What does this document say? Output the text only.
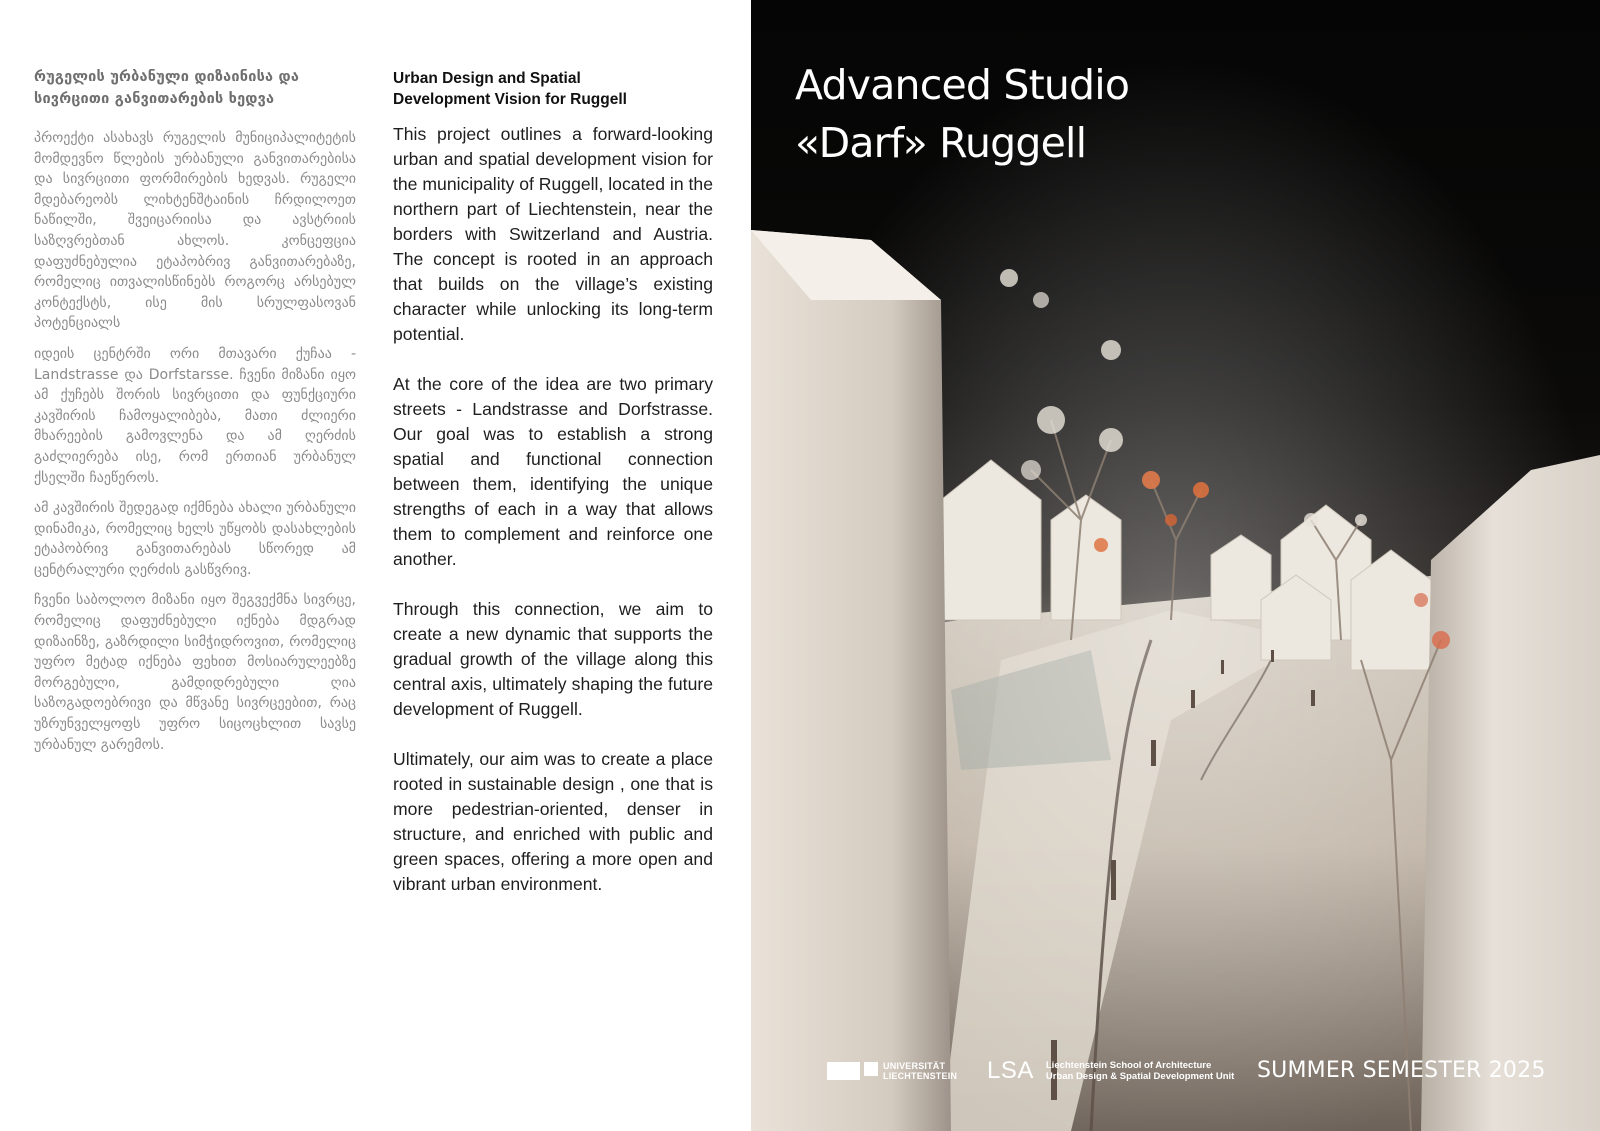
რუგელის ურბანული დიზაინისა და სივრცითი განვითარების ხედვა

პროექტი ასახავს რუგელის მუნიციპალიტეტის მომდევნო წლების ურბანული განვითარებისა და სივრცითი ფორმირების ხედვას. რუგელი მდებარეობს ლიხტენშტაინის ჩრდილოეთ ნაწილში, შვეიცარიისა და ავსტრიის საზღვრებთან ახლოს. კონცეფცია დაფუძნებულია ეტაპობრივ განვითარებაზე, რომელიც ითვალისწინებს როგორც არსებულ კონტექსტს, ისე მის სრულფასოვან პოტენციალს

იდეის ცენტრში ორი მთავარი ქუჩაა - Landstrasse და Dorfstarsse. ჩვენი მიზანი იყო ამ ქუჩებს შორის სივრცითი და ფუნქციური კავშირის ჩამოყალიბება, მათი ძლიერი მხარეების გამოვლენა და ამ ღერძის გაძლიერება ისე, რომ ერთიან ურბანულ ქსელში ჩაეწეროს.

ამ კავშირის შედეგად იქმნება ახალი ურბანული დინამიკა, რომელიც ხელს უწყობს დასახლების ეტაპობრივ განვითარებას სწორედ ამ ცენტრალური ღერძის გასწვრივ.

ჩვენი საბოლოო მიზანი იყო შეგვექმნა სივრცე, რომელიც დაფუძნებული იქნება მდგრად დიზაინზე, გაზრდილი სიმჭიდროვით, რომელიც უფრო მეტად იქნება ფეხით მოსიარულეებზე მორგებული, გამდიდრებული ღია საზოგადოებრივი და მწვანე სივრცეებით, რაც უზრუნველყოფს უფრო სიცოცხლით სავსე ურბანულ გარემოს.

Urban Design and Spatial
Development Vision for Ruggell

This project outlines a forward-looking urban and spatial development vision for the municipality of Ruggell, located in the northern part of Liechtenstein, near the borders with Switzerland and Austria. The concept is rooted in an approach that builds on the village’s existing character while unlocking its long-term potential.

At the core of the idea are two primary streets - Landstrasse and Dorfstrasse. Our goal was to establish a strong spatial and functional connection between them, identifying the unique strengths of each in a way that allows them to complement and reinforce one another.

Through this connection, we aim to create a new dynamic that supports the gradual growth of the village along this central axis, ultimately shaping the future development of Ruggell.

Ultimately, our aim was to create a place rooted in sustainable design , one that is more pedestrian-oriented, denser in structure, and enriched with public and green spaces, offering a more open and vibrant urban environment.

Advanced Studio
«Darf» Ruggell
UNIVERSITÄT
LIECHTENSTEIN LSA Liechtenstein School of Architecture
Urban Design & Spatial Development Unit SUMMER SEMESTER 2025
